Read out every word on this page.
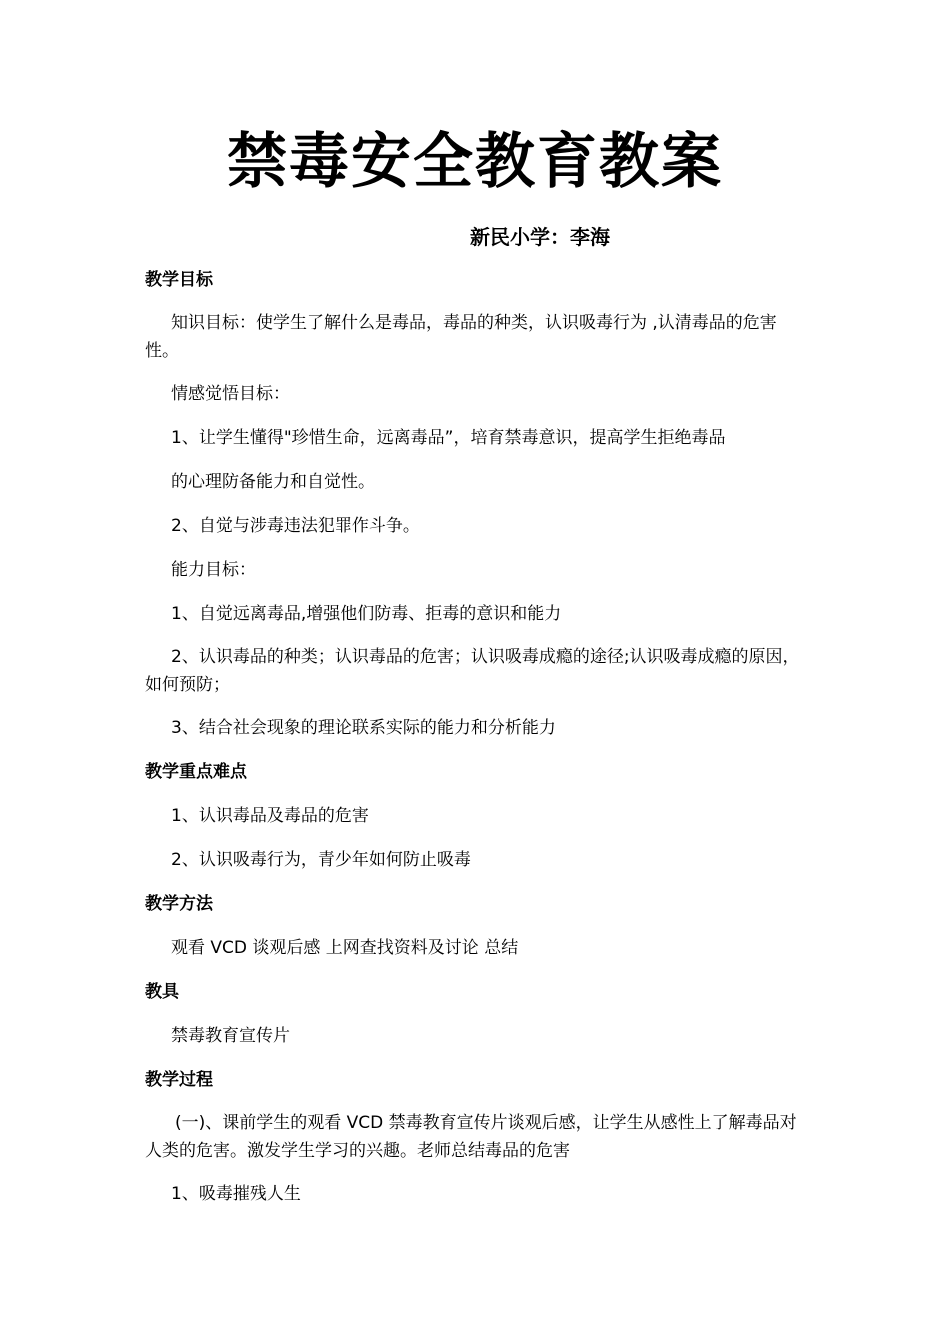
禁毒安全教育教案
新民小学：李海
教学目标
知识目标：使学生了解什么是毒品，毒品的种类，认识吸毒行为 ,认清毒品的危害性。
情感觉悟目标：
1、让学生懂得"珍惜生命，远离毒品”，培育禁毒意识，提高学生拒绝毒品
的心理防备能力和自觉性。
2、自觉与涉毒违法犯罪作斗争。
能力目标：
1、自觉远离毒品,增强他们防毒、拒毒的意识和能力
2、认识毒品的种类；认识毒品的危害；认识吸毒成瘾的途径;认识吸毒成瘾的原因，如何预防；
3、结合社会现象的理论联系实际的能力和分析能力
教学重点难点
1、认识毒品及毒品的危害
2、认识吸毒行为，青少年如何防止吸毒
教学方法
观看 VCD 谈观后感 上网查找资料及讨论 总结
教具
禁毒教育宣传片
教学过程
(一)、课前学生的观看 VCD 禁毒教育宣传片谈观后感，让学生从感性上了解毒品对人类的危害。激发学生学习的兴趣。老师总结毒品的危害
1、吸毒摧残人生
